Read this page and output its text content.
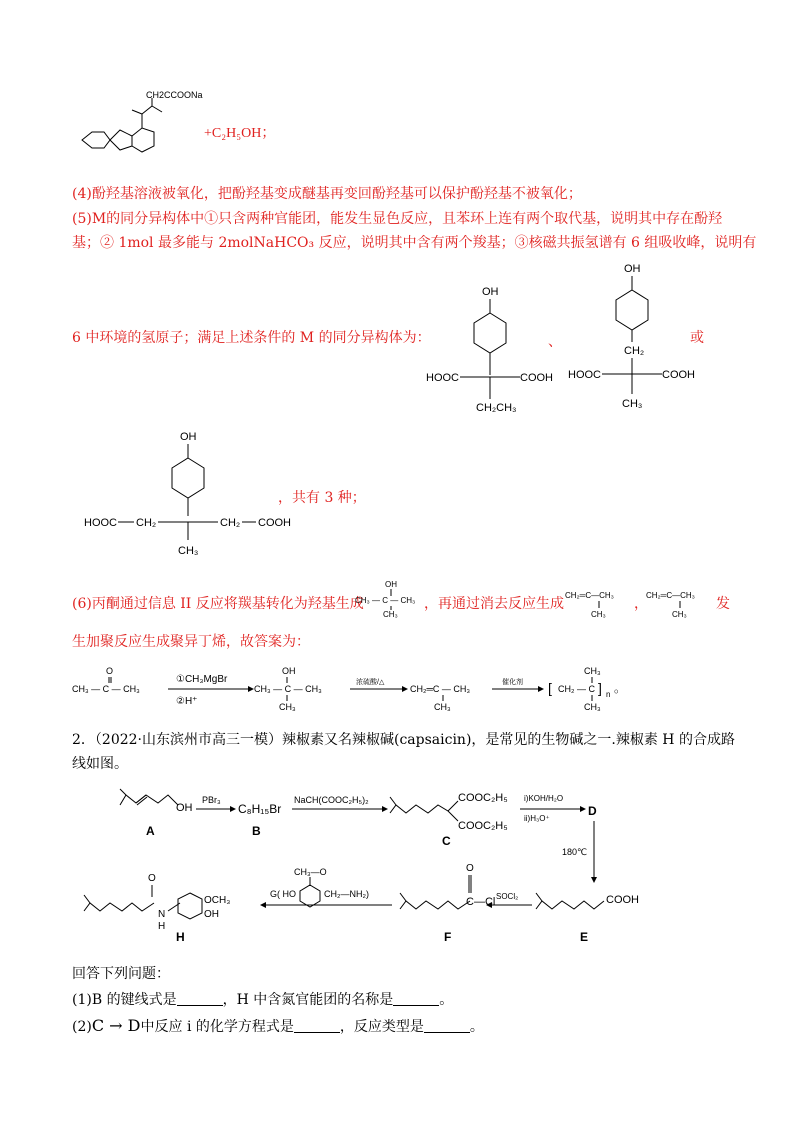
CH2CCOONa
+C₂H₅OH；
(4)酚羟基溶液被氧化，把酚羟基变成醚基再变回酚羟基可以保护酚羟基不被氧化；
(5)M的同分异构体中①只含两种官能团，能发生显色反应，且苯环上连有两个取代基，说明其中存在酚羟
基；② 1mol 最多能与 2molNaHCO₃ 反应，说明其中含有两个羧基；③核磁共振氢谱有 6 组吸收峰，说明有
OH
HOOC	COOH
CH₂CH₃
、
OH
CH₂
HOOC	COOH
CH₃
或
6 中环境的氢原子；满足上述条件的 M 的同分异构体为：
OH
HOOC CH₂	CH₂ COOH
CH₃
，共有 3 种；
(6)丙酮通过信息 II 反应将羰基转化为羟基生成
OH
CH₃ — C — CH₃
CH₃
，再通过消去反应生成
CH₂═C—CH₃
CH₃
，
CH₂═C—CH₃
CH₃
发
生加聚反应生成聚异丁烯，故答案为：
O
CH₃ — C — CH₃
①CH₃MgBr
②H⁺
OH
CH₃ — C — CH₃
CH₃
浓硫酸/△
CH₂═C — CH₃
CH₃
催化剂 [ CH₂ — C ] n
CH₃
CH₃
。
2．（2022·山东滨州市高三一模）辣椒素又名辣椒碱(capsaicin)，是常见的生物碱之一.辣椒素 H 的合成路
线如图。
OH
A
PBr₃
C₈H₁₅Br
B
NaCH(COOC₂H₅)₂	COOC₂H₅
COOC₂H₅
C
i)KOH/H₂O
ii)H₃O⁺
D
180℃
COOH
E
SOCl₂
O
C—Cl
F
CH₃—O
G( HO	CH₂—NH₂)
O
N
H
OCH₃
OH
H
回答下列问题：
(1)B 的键线式是	，H 中含氮官能团的名称是	。
(2)C → D中反应 i 的化学方程式是	，反应类型是	。
